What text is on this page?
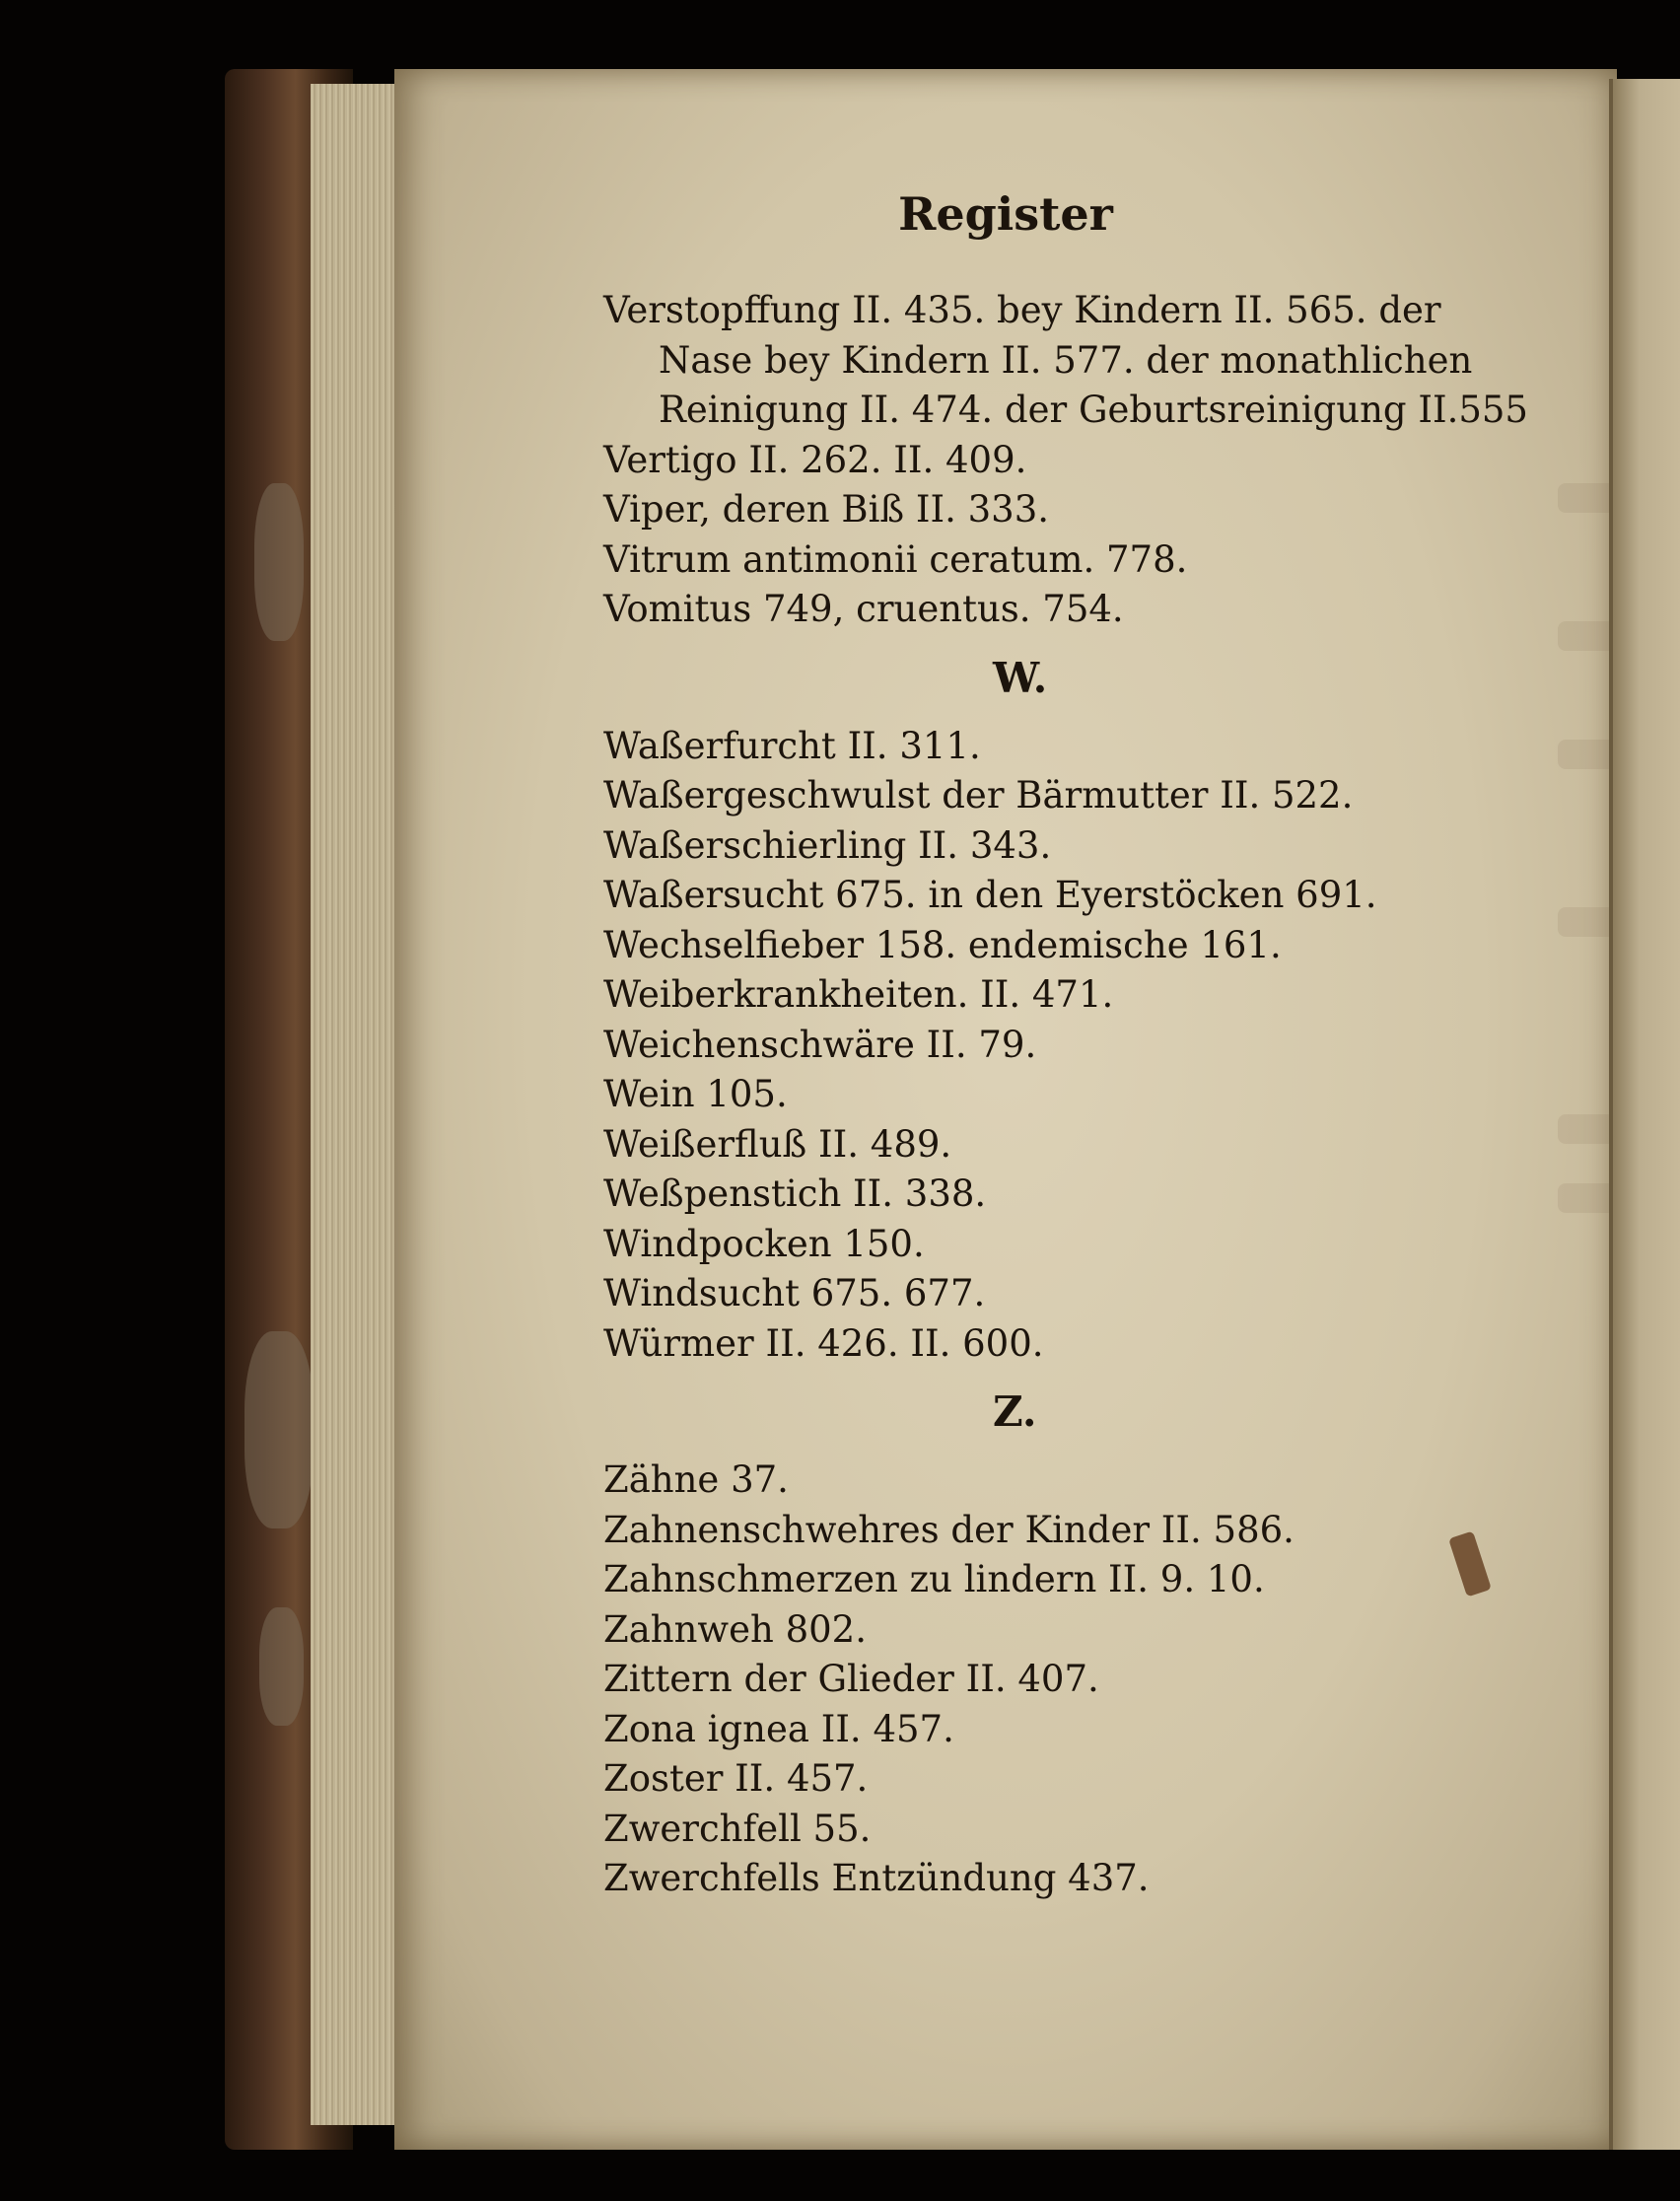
Register
Verstopffung II. 435. bey Kindern II. 565. der
Nase bey Kindern II. 577. der monathlichen
Reinigung II. 474. der Geburtsreinigung II.555
Vertigo II. 262. II. 409.
Viper, deren Biß II. 333.
Vitrum antimonii ceratum. 778.
Vomitus 749, cruentus. 754.
W.
Waßerfurcht II. 311.
Waßergeschwulst der Bärmutter II. 522.
Waßerschierling II. 343.
Waßersucht 675. in den Eyerstöcken 691.
Wechselfieber 158. endemische 161.
Weiberkrankheiten. II. 471.
Weichenschwäre II. 79.
Wein 105.
Weißerfluß II. 489.
Weßpenstich II. 338.
Windpocken 150.
Windsucht 675. 677.
Würmer II. 426. II. 600.
Z.
Zähne 37.
Zahnenschwehres der Kinder II. 586.
Zahnschmerzen zu lindern II. 9. 10.
Zahnweh 802.
Zittern der Glieder II. 407.
Zona ignea II. 457.
Zoster II. 457.
Zwerchfell 55.
Zwerchfells Entzündung 437.
